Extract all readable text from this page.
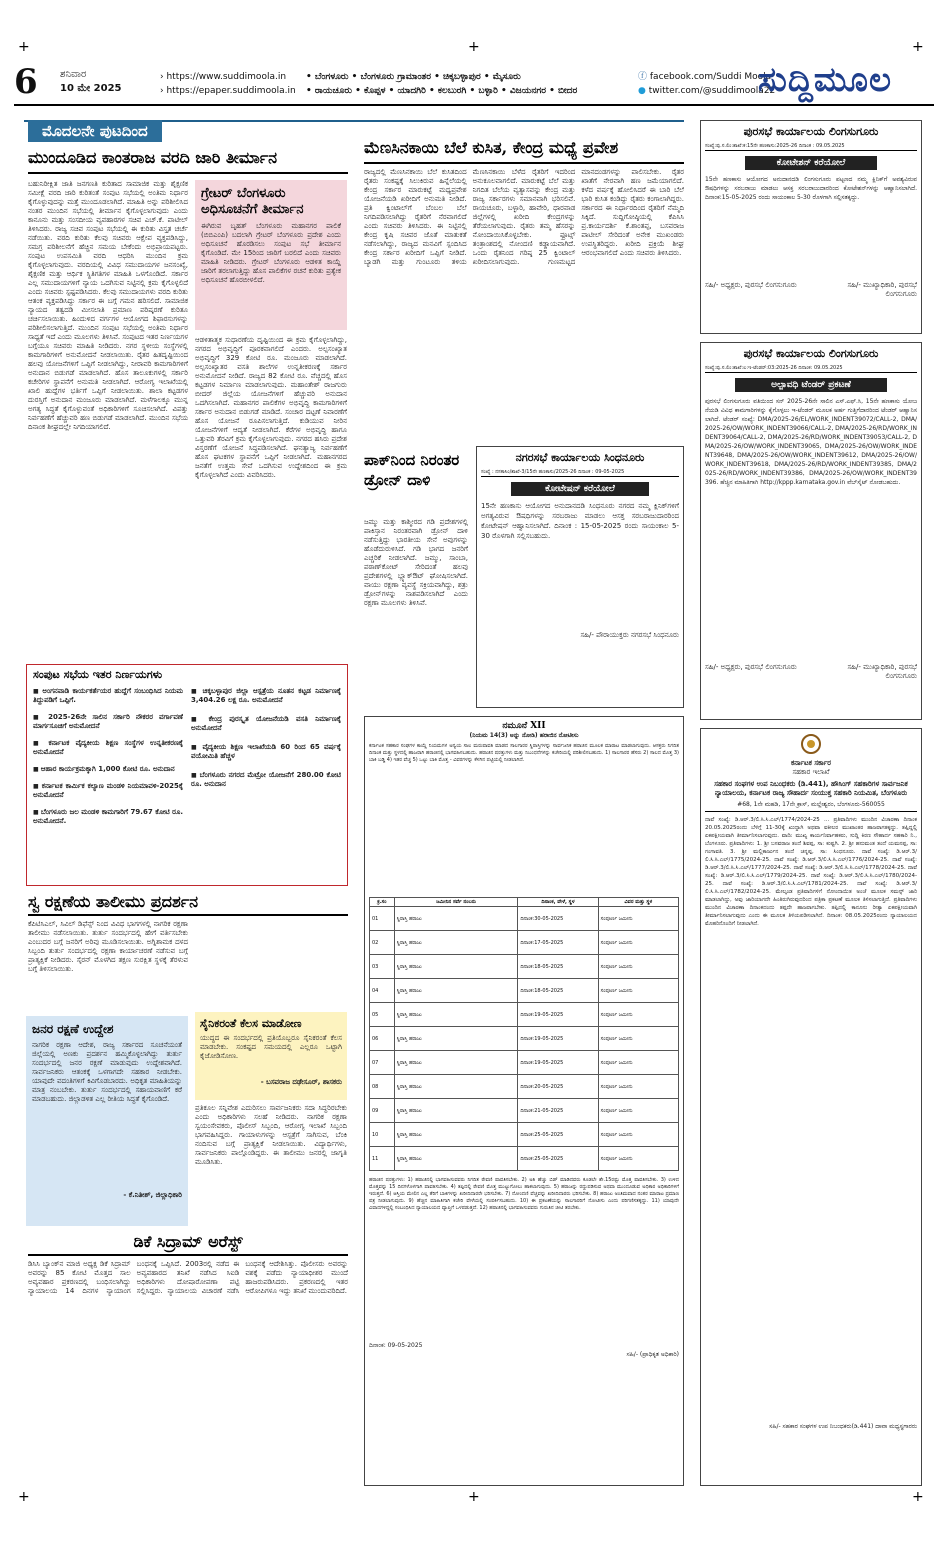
+	+	+
+	+	+
6 ಶನಿವಾರ
10 ಮೇ 2025
› https://www.suddimoola.in
› https://epaper.suddimoola.in
• ಬೆಂಗಳೂರು • ಬೆಂಗಳೂರು ಗ್ರಾಮಾಂತರ • ಚಿಕ್ಕಬಳ್ಳಾಪುರ • ಮೈಸೂರು
• ರಾಯಚೂರು • ಕೊಪ್ಪಳ • ಯಾದಗಿರಿ • ಕಲಬುರಗಿ • ಬಳ್ಳಾರಿ • ವಿಜಯನಗರ • ಬೀದರ
ⓕ facebook.com/Suddi Moola
● twitter.com/@suddimoola22
ಸುದ್ದಿಮೂಲ
ಮೊದಲನೇ ಪುಟದಿಂದ
ಮುಂದೂಡಿದ ಕಾಂತರಾಜ ವರದಿ ಜಾರಿ ತೀರ್ಮಾನ
ಬಹುನಿರೀಕ್ಷಿತ ಜಾತಿ ಜನಗಣತಿ ಕುರಿತಾದ ಸಾಮಾಜಿಕ ಮತ್ತು ಶೈಕ್ಷಣಿಕ ಸಮೀಕ್ಷೆ ವರದಿ ಜಾರಿ ಕುರಿತಂತೆ ಸಂಪುಟ ಸಭೆಯಲ್ಲಿ ಅಂತಿಮ ನಿರ್ಧಾರ ಕೈಗೊಳ್ಳುವುದನ್ನು ಮತ್ತೆ ಮುಂದೂಡಲಾಗಿದೆ. ಮಾಹಿತಿ ಅನ್ನು ಪರಿಶೀಲಿಸಿದ ನಂತರ ಮುಂದಿನ ಸಭೆಯಲ್ಲಿ ತೀರ್ಮಾನ ಕೈಗೊಳ್ಳಲಾಗುವುದು ಎಂದು ಕಾನೂನು ಮತ್ತು ಸಂಸದೀಯ ವ್ಯವಹಾರಗಳ ಸಚಿವ ಎಚ್.ಕೆ. ಪಾಟೀಲ್ ತಿಳಿಸಿದರು. ರಾಜ್ಯ ಸಚಿವ ಸಂಪುಟ ಸಭೆಯಲ್ಲಿ ಈ ಕುರಿತು ವಿಸ್ತೃತ ಚರ್ಚೆ ನಡೆಯಿತು. ವರದಿ ಕುರಿತು ಕೆಲವು ಸಚಿವರು ಆಕ್ಷೇಪ ವ್ಯಕ್ತಪಡಿಸಿದ್ದು, ಸಮಗ್ರ ಪರಿಶೀಲನೆಗೆ ಹೆಚ್ಚಿನ ಸಮಯ ಬೇಕೆಂದು ಅಭಿಪ್ರಾಯಪಟ್ಟರು. ಸಂಪುಟ ಉಪಸಮಿತಿ ವರದಿ ಆಧರಿಸಿ ಮುಂದಿನ ಕ್ರಮ ಕೈಗೊಳ್ಳಲಾಗುವುದು. ವರದಿಯಲ್ಲಿ ವಿವಿಧ ಸಮುದಾಯಗಳ ಜನಸಂಖ್ಯೆ, ಶೈಕ್ಷಣಿಕ ಮತ್ತು ಆರ್ಥಿಕ ಸ್ಥಿತಿಗತಿಗಳ ಮಾಹಿತಿ ಒಳಗೊಂಡಿದೆ. ಸರ್ಕಾರ ಎಲ್ಲ ಸಮುದಾಯಗಳಿಗೆ ನ್ಯಾಯ ಒದಗಿಸುವ ನಿಟ್ಟಿನಲ್ಲಿ ಕ್ರಮ ಕೈಗೊಳ್ಳಲಿದೆ ಎಂದು ಸಚಿವರು ಸ್ಪಷ್ಟಪಡಿಸಿದರು. ಕೆಲವು ಸಮುದಾಯಗಳು ವರದಿ ಕುರಿತು ಆತಂಕ ವ್ಯಕ್ತಪಡಿಸಿದ್ದು ಸರ್ಕಾರ ಈ ಬಗ್ಗೆ ಗಮನ ಹರಿಸಲಿದೆ. ಸಾಮಾಜಿಕ ನ್ಯಾಯದ ತತ್ವದಡಿ ಮೀಸಲಾತಿ ಪ್ರಮಾಣ ಪರಿಷ್ಕರಣೆ ಕುರಿತೂ ಚರ್ಚಿಸಲಾಯಿತು. ಹಿಂದುಳಿದ ವರ್ಗಗಳ ಆಯೋಗದ ಶಿಫಾರಸುಗಳನ್ನು ಪರಿಶೀಲಿಸಲಾಗುತ್ತಿದೆ. ಮುಂದಿನ ಸಂಪುಟ ಸಭೆಯಲ್ಲಿ ಅಂತಿಮ ನಿರ್ಧಾರ ಸಾಧ್ಯತೆ ಇದೆ ಎಂದು ಮೂಲಗಳು ತಿಳಿಸಿವೆ. ಸಂಪುಟದ ಇತರ ನಿರ್ಣಯಗಳ ಬಗ್ಗೆಯೂ ಸಚಿವರು ಮಾಹಿತಿ ನೀಡಿದರು. ನಗರ ಸ್ಥಳೀಯ ಸಂಸ್ಥೆಗಳಲ್ಲಿ ಕಾಮಗಾರಿಗಳಿಗೆ ಅನುಮೋದನೆ ನೀಡಲಾಯಿತು. ರೈತರ ಹಿತದೃಷ್ಟಿಯಿಂದ ಹಲವು ಯೋಜನೆಗಳಿಗೆ ಒಪ್ಪಿಗೆ ನೀಡಲಾಗಿದ್ದು, ನೀರಾವರಿ ಕಾಮಗಾರಿಗಳಿಗೆ ಅನುದಾನ ಬಿಡುಗಡೆ ಮಾಡಲಾಗಿದೆ. ಹೊಸ ತಾಲೂಕುಗಳಲ್ಲಿ ಸರ್ಕಾರಿ ಕಚೇರಿಗಳ ಸ್ಥಾಪನೆಗೆ ಅನುಮತಿ ನೀಡಲಾಗಿದೆ. ಆರೋಗ್ಯ ಇಲಾಖೆಯಲ್ಲಿ ಖಾಲಿ ಹುದ್ದೆಗಳ ಭರ್ತಿಗೆ ಒಪ್ಪಿಗೆ ನೀಡಲಾಯಿತು. ಶಾಲಾ ಕಟ್ಟಡಗಳ ದುರಸ್ತಿಗೆ ಅನುದಾನ ಮಂಜೂರು ಮಾಡಲಾಗಿದೆ. ಮಳೆಗಾಲಕ್ಕೂ ಮುನ್ನ ಅಗತ್ಯ ಸಿದ್ಧತೆ ಕೈಗೊಳ್ಳುವಂತೆ ಅಧಿಕಾರಿಗಳಿಗೆ ಸೂಚಿಸಲಾಗಿದೆ. ವಿಪತ್ತು ನಿರ್ವಹಣೆಗೆ ಹೆಚ್ಚುವರಿ ಹಣ ಬಿಡುಗಡೆ ಮಾಡಲಾಗಿದೆ. ಮುಂದಿನ ಸಭೆಯ ದಿನಾಂಕ ಶೀಘ್ರದಲ್ಲೇ ನಿಗದಿಯಾಗಲಿದೆ.
ಗ್ರೇಟರ್ ಬೆಂಗಳೂರು ಅಧಿಸೂಚನೆಗೆ ತೀರ್ಮಾನ
ಈಗಿರುವ ಬೃಹತ್ ಬೆಂಗಳೂರು ಮಹಾನಗರ ಪಾಲಿಕೆ (ಬಿಬಿಎಂಪಿ) ಬದಲಾಗಿ ಗ್ರೇಟರ್ ಬೆಂಗಳೂರು ಪ್ರದೇಶ ಎಂದು ಅಧಿಸೂಚನೆ ಹೊರಡಿಸಲು ಸಂಪುಟ ಸಭೆ ತೀರ್ಮಾನ ಕೈಗೊಂಡಿದೆ. ಮೇ 15ರಿಂದ ಜಾರಿಗೆ ಬರಲಿದೆ ಎಂದು ಸಚಿವರು ಮಾಹಿತಿ ನೀಡಿದರು. ಗ್ರೇಟರ್ ಬೆಂಗಳೂರು ಆಡಳಿತ ಕಾಯ್ದೆ ಜಾರಿಗೆ ತರಲಾಗುತ್ತಿದ್ದು ಹೊಸ ಪಾಲಿಕೆಗಳ ರಚನೆ ಕುರಿತು ಪ್ರತ್ಯೇಕ ಅಧಿಸೂಚನೆ ಹೊರಬೀಳಲಿದೆ.
ಆಡಳಿತಾತ್ಮಕ ಸುಧಾರಣೆಯ ದೃಷ್ಟಿಯಿಂದ ಈ ಕ್ರಮ ಕೈಗೊಳ್ಳಲಾಗಿದ್ದು, ನಗರದ ಅಭಿವೃದ್ಧಿಗೆ ಪೂರಕವಾಗಲಿದೆ ಎಂದರು. ಅಲ್ಪಸಂಖ್ಯಾತ ಅಭಿವೃದ್ಧಿಗೆ 329 ಕೋಟಿ ರೂ. ಮಂಜೂರು ಮಾಡಲಾಗಿದೆ. ಅಲ್ಪಸಂಖ್ಯಾತರ ವಸತಿ ಶಾಲೆಗಳ ಉನ್ನತೀಕರಣಕ್ಕೆ ಸರ್ಕಾರ ಅನುಮೋದನೆ ನೀಡಿದೆ. ರಾಜ್ಯದ 82 ಕೋಟಿ ರೂ. ವೆಚ್ಚದಲ್ಲಿ ಹೊಸ ಕಟ್ಟಡಗಳ ನಿರ್ಮಾಣ ಮಾಡಲಾಗುವುದು. ಮಹಾಂತೇಶ್ ರಾಜಗುರು ಬೀದರ್ ಜಿಲ್ಲೆಯ ಯೋಜನೆಗಳಿಗೆ ಹೆಚ್ಚುವರಿ ಅನುದಾನ ಒದಗಿಸಲಾಗಿದೆ. ಮಹಾನಗರ ಪಾಲಿಕೆಗಳ ಅಭಿವೃದ್ಧಿ ಕಾಮಗಾರಿಗಳಿಗೆ ಸರ್ಕಾರ ಅನುದಾನ ಬಿಡುಗಡೆ ಮಾಡಿದೆ. ಸಂಚಾರ ದಟ್ಟಣೆ ನಿವಾರಣೆಗೆ ಹೊಸ ಯೋಜನೆ ರೂಪಿಸಲಾಗುತ್ತಿದೆ. ಕುಡಿಯುವ ನೀರಿನ ಯೋಜನೆಗಳಿಗೆ ಆದ್ಯತೆ ನೀಡಲಾಗಿದೆ. ಕೆರೆಗಳ ಅಭಿವೃದ್ಧಿ ಹಾಗೂ ಒತ್ತುವರಿ ತೆರವಿಗೆ ಕ್ರಮ ಕೈಗೊಳ್ಳಲಾಗುವುದು. ನಗರದ ಹಸಿರು ಪ್ರದೇಶ ವಿಸ್ತರಣೆಗೆ ಯೋಜನೆ ಸಿದ್ಧಪಡಿಸಲಾಗಿದೆ. ಘನತ್ಯಾಜ್ಯ ನಿರ್ವಹಣೆಗೆ ಹೊಸ ಘಟಕಗಳ ಸ್ಥಾಪನೆಗೆ ಒಪ್ಪಿಗೆ ನೀಡಲಾಗಿದೆ. ಮಹಾನಗರದ ಜನತೆಗೆ ಉತ್ತಮ ಸೇವೆ ಒದಗಿಸುವ ಉದ್ದೇಶದಿಂದ ಈ ಕ್ರಮ ಕೈಗೊಳ್ಳಲಾಗಿದೆ ಎಂದು ವಿವರಿಸಿದರು.
ಸಂಪುಟ ಸಭೆಯ ಇತರ ನಿರ್ಣಯಗಳು
■ ಅಂಗನವಾಡಿ ಕಾರ್ಯಕರ್ತೆಯರ ಹುದ್ದೆಗೆ ಸಂಬಂಧಿಸಿದ ನಿಯಮ ತಿದ್ದುಪಡಿಗೆ ಒಪ್ಪಿಗೆ.
■ 2025-26ನೇ ಸಾಲಿನ ಸರ್ಕಾರಿ ನೌಕರರ ವರ್ಗಾವಣೆ ಮಾರ್ಗಸೂಚಿಗೆ ಅನುಮೋದನೆ
■ ಕರ್ನಾಟಕ ವೈದ್ಯಕೀಯ ಶಿಕ್ಷಣ ಸಂಸ್ಥೆಗಳ ಉನ್ನತೀಕರಣಕ್ಕೆ ಅನುಮೋದನೆ
■ ಆಹಾರ ಕಾರ್ಯಕ್ರಮಕ್ಕಾಗಿ 1,000 ಕೋಟಿ ರೂ. ಅನುದಾನ
■ ಕರ್ನಾಟಕ ಕಾರ್ಮಿಕ ಕಲ್ಯಾಣ ಮಂಡಳಿ ನಿಯಮಾವಳಿ-2025ಕ್ಕೆ ಅನುಮೋದನೆ
■ ಬೆಂಗಳೂರು ಜಲ ಮಂಡಳಿ ಕಾಮಗಾರಿಗೆ 79.67 ಕೋಟಿ ರೂ. ಅನುಮೋದನೆ.
■ ಚಿಕ್ಕಬಳ್ಳಾಪುರ ಜಿಲ್ಲಾ ಆಸ್ಪತ್ರೆಯ ನೂತನ ಕಟ್ಟಡ ನಿರ್ಮಾಣಕ್ಕೆ 3,404.26 ಲಕ್ಷ ರೂ. ಅನುಮೋದನೆ
■ ಕೇಂದ್ರ ಪುರಸ್ಕೃತ ಯೋಜನೆಯಡಿ ವಸತಿ ನಿರ್ಮಾಣಕ್ಕೆ ಅನುಮೋದನೆ
■ ವೈದ್ಯಕೀಯ ಶಿಕ್ಷಣ ಇಲಾಖೆಯಡಿ 60 ರಿಂದ 65 ವರ್ಷಕ್ಕೆ ವಯೋಮಿತಿ ಹೆಚ್ಚಳ
■ ಬೆಂಗಳೂರು ನಗರದ ಮೆಟ್ರೋ ಯೋಜನೆಗೆ 280.00 ಕೋಟಿ ರೂ. ಅನುದಾನ
ಸ್ವ ರಕ್ಷಣೆಯ ತಾಲೀಮು ಪ್ರದರ್ಶನ
ಕೆಪಿಟಿಸಿಎಲ್, ಸಿವಿಲ್ ಡಿಫೆನ್ಸ್ ನಿಂದ ವಿವಿಧ ಭಾಗಗಳಲ್ಲಿ ನಾಗರಿಕ ರಕ್ಷಣಾ ತಾಲೀಮು ನಡೆಸಲಾಯಿತು. ತುರ್ತು ಸಂದರ್ಭದಲ್ಲಿ ಹೇಗೆ ವರ್ತಿಸಬೇಕು ಎಂಬುದರ ಬಗ್ಗೆ ಜನರಿಗೆ ಅರಿವು ಮೂಡಿಸಲಾಯಿತು. ಅಗ್ನಿಶಾಮಕ ದಳದ ಸಿಬ್ಬಂದಿ ತುರ್ತು ಸಂದರ್ಭದಲ್ಲಿ ರಕ್ಷಣಾ ಕಾರ್ಯಾಚರಣೆ ನಡೆಸುವ ಬಗ್ಗೆ ಪ್ರಾತ್ಯಕ್ಷಿಕೆ ನೀಡಿದರು. ಸೈರನ್ ಮೊಳಗಿದ ತಕ್ಷಣ ಸುರಕ್ಷಿತ ಸ್ಥಳಕ್ಕೆ ತೆರಳುವ ಬಗ್ಗೆ ತಿಳಿಸಲಾಯಿತು.
ಜನರ ರಕ್ಷಣೆ ಉದ್ದೇಶ
ನಾಗರಿಕ ರಕ್ಷಣಾ ಆದೇಶ, ರಾಜ್ಯ ಸರ್ಕಾರದ ಸೂಚನೆಯಂತೆ ಜಿಲ್ಲೆಯಲ್ಲಿ ಅಣಕು ಪ್ರದರ್ಶನ ಹಮ್ಮಿಕೊಳ್ಳಲಾಗಿದ್ದು ತುರ್ತು ಸಂದರ್ಭದಲ್ಲಿ ಜನರ ರಕ್ಷಣೆ ಮಾಡುವುದು ಉದ್ದೇಶವಾಗಿದೆ. ಸಾರ್ವಜನಿಕರು ಆತಂಕಕ್ಕೆ ಒಳಗಾಗದೇ ಸಹಕಾರ ನೀಡಬೇಕು. ಯಾವುದೇ ವದಂತಿಗಳಿಗೆ ಕಿವಿಗೊಡಬಾರದು. ಅಧಿಕೃತ ಮಾಹಿತಿಯನ್ನು ಮಾತ್ರ ನಂಬಬೇಕು. ತುರ್ತು ಸಂದರ್ಭದಲ್ಲಿ ಸಹಾಯವಾಣಿಗೆ ಕರೆ ಮಾಡಬಹುದು. ಜಿಲ್ಲಾಡಳಿತ ಎಲ್ಲ ರೀತಿಯ ಸಿದ್ಧತೆ ಕೈಗೊಂಡಿದೆ.
- ಕೆ.ನಿತೀಶ್, ಜಿಲ್ಲಾಧಿಕಾರಿ
ಸೈನಿಕರಂತೆ ಕೆಲಸ ಮಾಡೋಣ
ಯುದ್ಧದ ಈ ಸಂದರ್ಭದಲ್ಲಿ ಪ್ರತಿಯೊಬ್ಬರೂ ಸೈನಿಕರಂತೆ ಕೆಲಸ ಮಾಡಬೇಕು. ಸಂಕಷ್ಟದ ಸಮಯದಲ್ಲಿ ಎಲ್ಲರೂ ಒಟ್ಟಾಗಿ ಕೈಜೋಡಿಸೋಣ.
- ಬಸವರಾಜ ದಢೇಸೂರ್, ಶಾಸಕರು
ಪ್ರತಿಕೂಲ ಸನ್ನಿವೇಶ ಎದುರಿಸಲು ಸಾರ್ವಜನಿಕರು ಸದಾ ಸಿದ್ಧರಿರಬೇಕು ಎಂದು ಅಧಿಕಾರಿಗಳು ಸಲಹೆ ನೀಡಿದರು. ನಾಗರಿಕ ರಕ್ಷಣಾ ಸ್ವಯಂಸೇವಕರು, ಪೊಲೀಸ್ ಸಿಬ್ಬಂದಿ, ಆರೋಗ್ಯ ಇಲಾಖೆ ಸಿಬ್ಬಂದಿ ಭಾಗವಹಿಸಿದ್ದರು. ಗಾಯಾಳುಗಳನ್ನು ಆಸ್ಪತ್ರೆಗೆ ಸಾಗಿಸುವ, ಬೆಂಕಿ ನಂದಿಸುವ ಬಗ್ಗೆ ಪ್ರಾತ್ಯಕ್ಷಿಕೆ ನೀಡಲಾಯಿತು. ವಿದ್ಯಾರ್ಥಿಗಳು, ಸಾರ್ವಜನಿಕರು ಪಾಲ್ಗೊಂಡಿದ್ದರು. ಈ ತಾಲೀಮು ಜನರಲ್ಲಿ ಜಾಗೃತಿ ಮೂಡಿಸಿತು.
ಡಿಕೆ ಸಿದ್ರಾಮ್ ಅರೆಸ್ಟ್
ಡಿಸಿಸಿ ಬ್ಯಾಂಕ್‌ನ ಮಾಜಿ ಅಧ್ಯಕ್ಷ ಡಿಕೆ ಸಿದ್ರಾಮ್ ಅವರನ್ನು 85 ಕೋಟಿ ಮೊತ್ತದ ಸಾಲ ಅವ್ಯವಹಾರ ಪ್ರಕರಣದಲ್ಲಿ ಬಂಧಿಸಲಾಗಿದ್ದು ನ್ಯಾಯಾಲಯ 14 ದಿನಗಳ ನ್ಯಾಯಾಂಗ ಬಂಧನಕ್ಕೆ ಒಪ್ಪಿಸಿದೆ. 2003ರಲ್ಲಿ ನಡೆದ ಈ ಅವ್ಯವಹಾರದ ತನಿಖೆ ನಡೆಸಿದ ಸಿಐಡಿ ಅಧಿಕಾರಿಗಳು ದೋಷಾರೋಪಣಾ ಪಟ್ಟಿ ಸಲ್ಲಿಸಿದ್ದರು. ನ್ಯಾಯಾಲಯ ವಿಚಾರಣೆ ನಡೆಸಿ ಬಂಧನಕ್ಕೆ ಆದೇಶಿಸಿತ್ತು. ಪೊಲೀಸರು ಅವರನ್ನು ವಶಕ್ಕೆ ಪಡೆದು ನ್ಯಾಯಾಧೀಶರ ಮುಂದೆ ಹಾಜರುಪಡಿಸಿದರು. ಪ್ರಕರಣದಲ್ಲಿ ಇತರ ಆರೋಪಿಗಳೂ ಇದ್ದು ತನಿಖೆ ಮುಂದುವರಿದಿದೆ.
ಮೆಣಸಿನಕಾಯಿ ಬೆಲೆ ಕುಸಿತ, ಕೇಂದ್ರ ಮಧ್ಯೆ ಪ್ರವೇಶ
ರಾಜ್ಯದಲ್ಲಿ ಮೆಣಸಿನಕಾಯಿ ಬೆಲೆ ಕುಸಿತದಿಂದ ರೈತರು ಸಂಕಷ್ಟಕ್ಕೆ ಸಿಲುಕಿರುವ ಹಿನ್ನೆಲೆಯಲ್ಲಿ ಕೇಂದ್ರ ಸರ್ಕಾರ ಮಾರುಕಟ್ಟೆ ಮಧ್ಯಪ್ರವೇಶ ಯೋಜನೆಯಡಿ ಖರೀದಿಗೆ ಅನುಮತಿ ನೀಡಿದೆ. ಪ್ರತಿ ಕ್ವಿಂಟಾಲ್‌ಗೆ ಬೆಂಬಲ ಬೆಲೆ ನಿಗದಿಪಡಿಸಲಾಗಿದ್ದು ರೈತರಿಗೆ ನೆರವಾಗಲಿದೆ ಎಂದು ಸಚಿವರು ತಿಳಿಸಿದರು. ಈ ನಿಟ್ಟಿನಲ್ಲಿ ಕೇಂದ್ರ ಕೃಷಿ ಸಚಿವರ ಜೊತೆ ಮಾತುಕತೆ ನಡೆಸಲಾಗಿದ್ದು, ರಾಜ್ಯದ ಮನವಿಗೆ ಸ್ಪಂದಿಸಿದ ಕೇಂದ್ರ ಸರ್ಕಾರ ಖರೀದಿಗೆ ಒಪ್ಪಿಗೆ ನೀಡಿದೆ. ಬ್ಯಾಡಗಿ ಮತ್ತು ಗುಂಟೂರು ತಳಿಯ ಮೆಣಸಿನಕಾಯಿ ಬೆಳೆದ ರೈತರಿಗೆ ಇದರಿಂದ ಅನುಕೂಲವಾಗಲಿದೆ. ಮಾರುಕಟ್ಟೆ ಬೆಲೆ ಮತ್ತು ನಿಗದಿತ ಬೆಲೆಯ ವ್ಯತ್ಯಾಸವನ್ನು ಕೇಂದ್ರ ಮತ್ತು ರಾಜ್ಯ ಸರ್ಕಾರಗಳು ಸಮಾನವಾಗಿ ಭರಿಸಲಿವೆ. ರಾಯಚೂರು, ಬಳ್ಳಾರಿ, ಹಾವೇರಿ, ಧಾರವಾಡ ಜಿಲ್ಲೆಗಳಲ್ಲಿ ಖರೀದಿ ಕೇಂದ್ರಗಳನ್ನು ತೆರೆಯಲಾಗುವುದು. ರೈತರು ತಮ್ಮ ಹೆಸರನ್ನು ನೋಂದಾಯಿಸಿಕೊಳ್ಳಬೇಕು. ಫ್ರೂಟ್ಸ್ ತಂತ್ರಾಂಶದಲ್ಲಿ ನೋಂದಣಿ ಕಡ್ಡಾಯವಾಗಿದೆ. ಒಂದು ರೈತನಿಂದ ಗರಿಷ್ಠ 25 ಕ್ವಿಂಟಾಲ್ ಖರೀದಿಸಲಾಗುವುದು. ಗುಣಮಟ್ಟದ ಮಾನದಂಡಗಳನ್ನು ಪಾಲಿಸಬೇಕು. ರೈತರ ಖಾತೆಗೆ ನೇರವಾಗಿ ಹಣ ಜಮೆಯಾಗಲಿದೆ. ಕಳೆದ ವರ್ಷಕ್ಕೆ ಹೋಲಿಸಿದರೆ ಈ ಬಾರಿ ಬೆಲೆ ಭಾರಿ ಕುಸಿತ ಕಂಡಿದ್ದು ರೈತರು ಕಂಗಾಲಾಗಿದ್ದರು. ಸರ್ಕಾರದ ಈ ನಿರ್ಧಾರದಿಂದ ರೈತರಿಗೆ ನೆಮ್ಮದಿ ಸಿಕ್ಕಿದೆ. ಸುದ್ದಿಗೋಷ್ಠಿಯಲ್ಲಿ ಕೆಪಿಸಿಸಿ ಪ್ರ.ಕಾರ್ಯದರ್ಶಿ ಕೆ.ಶಾಂತಪ್ಪ, ಬಸವರಾಜ ಪಾಟೀಲ್ ಸೇರಿದಂತೆ ಅನೇಕ ಮುಖಂಡರು ಉಪಸ್ಥಿತರಿದ್ದರು. ಖರೀದಿ ಪ್ರಕ್ರಿಯೆ ಶೀಘ್ರ ಆರಂಭವಾಗಲಿದೆ ಎಂದು ಸಚಿವರು ತಿಳಿಸಿದರು.
ಪಾಕ್‌ನಿಂದ ನಿರಂತರ ಡ್ರೋನ್ ದಾಳಿ
ಜಮ್ಮು ಮತ್ತು ಕಾಶ್ಮೀರದ ಗಡಿ ಪ್ರದೇಶಗಳಲ್ಲಿ ಪಾಕಿಸ್ತಾನ ನಿರಂತರವಾಗಿ ಡ್ರೋನ್ ದಾಳಿ ನಡೆಸುತ್ತಿದ್ದು ಭಾರತೀಯ ಸೇನೆ ಅವುಗಳನ್ನು ಹೊಡೆದುರುಳಿಸಿದೆ. ಗಡಿ ಭಾಗದ ಜನರಿಗೆ ಎಚ್ಚರಿಕೆ ನೀಡಲಾಗಿದೆ. ಜಮ್ಮು, ಸಾಂಬಾ, ಪಠಾಣ್‌ಕೋಟ್ ಸೇರಿದಂತೆ ಹಲವು ಪ್ರದೇಶಗಳಲ್ಲಿ ಬ್ಲ್ಯಾಕ್‌ಔಟ್ ಘೋಷಿಸಲಾಗಿದೆ. ವಾಯು ರಕ್ಷಣಾ ವ್ಯವಸ್ಥೆ ಸಕ್ರಿಯವಾಗಿದ್ದು, ಶತ್ರು ಡ್ರೋನ್‌ಗಳನ್ನು ನಾಶಪಡಿಸಲಾಗಿದೆ ಎಂದು ರಕ್ಷಣಾ ಮೂಲಗಳು ತಿಳಿಸಿವೆ.
ನಗರಸಭೆ ಕಾರ್ಯಾಲಯ ಸಿಂಧನೂರು
ಸಂಖ್ಯೆ : ನಸಕಾಸಿಂ/ಶಾಖೆ-3/15ನೇ ಹಣಕಾಸು/2025-26 ದಿನಾಂಕ : 09-05-2025
ಕೋಟೇಷನ್ ಕರೆಯೋಲೆ
15ನೇ ಹಣಕಾಸು ಆಯೋಗದ ಅನುದಾನದಡಿ ಸಿಂಧನೂರು ನಗರದ ನಮ್ಮ ಕ್ಲಿನಿಕ್‌ಗಳಿಗೆ ಅಗತ್ಯವಿರುವ ಔಷಧಿಗಳನ್ನು ಸರಬರಾಜು ಮಾಡಲು ಆಸಕ್ತ ಸರಬರಾಜುದಾರರಿಂದ ಕೋಟೇಷನ್ ಆಹ್ವಾನಿಸಲಾಗಿದೆ. ದಿನಾಂಕ : 15-05-2025 ರಂದು ಸಾಯಂಕಾಲ 5-30 ರೊಳಗಾಗಿ ಸಲ್ಲಿಸಬಹುದು.
ಸಹಿ/- ಪೌರಾಯುಕ್ತರು ನಗರಸಭೆ ಸಿಂಧನೂರು
ನಮೂನೆ XII
(ನಿಯಮ 14(3) ಅನ್ನು ನೋಡಿ) ಹರಾಜಿನ ನೋಟೀಸು
ಕರ್ನಾಟಕ ಸಹಕಾರ ಸಂಘಗಳ ಕಾಯ್ದೆ ನಿಯಮಗಳ ಅನ್ವಯ ಸಾಲ ಮರುಪಾವತಿ ಮಾಡದ ಸಾಲಗಾರರ ಸ್ಥಿರಾಸ್ತಿಗಳನ್ನು ಸಾರ್ವಜನಿಕ ಹರಾಜಿನ ಮೂಲಕ ಮಾರಾಟ ಮಾಡಲಾಗುವುದು. ಆಸಕ್ತರು ನಿಗದಿತ ದಿನಾಂಕ ಮತ್ತು ಸ್ಥಳದಲ್ಲಿ ಹಾಜರಾಗಿ ಹರಾಜಿನಲ್ಲಿ ಭಾಗವಹಿಸಬಹುದು. ಹರಾಜಿನ ಷರತ್ತುಗಳು ಮತ್ತು ನಿಬಂಧನೆಗಳನ್ನು ಕಚೇರಿಯಲ್ಲಿ ಪರಿಶೀಲಿಸಬಹುದು. 1) ಸಾಲಗಾರರ ಹೆಸರು 2) ಸಾಲದ ಮೊತ್ತ 3) ಬಾಕಿ ಬಡ್ಡಿ 4) ಇತರ ವೆಚ್ಚ 5) ಒಟ್ಟು ಬಾಕಿ ಮೊತ್ತ - ವಿವರಗಳನ್ನು ಕೆಳಗಿನ ಪಟ್ಟಿಯಲ್ಲಿ ನೀಡಲಾಗಿದೆ.
ಕ್ರ.ಸಂ	ಜಮೀನಿನ ಸರ್ವೆ ನಂಬರು	ದಿನಾಂಕ, ವೇಳೆ, ಸ್ಥಳ	ವಿವರ ಮತ್ತು ಸ್ಥಳ
01	ಸ್ಥಿರಾಸ್ತಿ ಹರಾಜು	ದಿನಾಂಕ:30-05-2025	ಸಂಪೂರ್ಣ ಜಮೀನು
02	ಸ್ಥಿರಾಸ್ತಿ ಹರಾಜು	ದಿನಾಂಕ:17-05-2025	ಸಂಪೂರ್ಣ ಜಮೀನು
03	ಸ್ಥಿರಾಸ್ತಿ ಹರಾಜು	ದಿನಾಂಕ:18-05-2025	ಸಂಪೂರ್ಣ ಜಮೀನು
04	ಸ್ಥಿರಾಸ್ತಿ ಹರಾಜು	ದಿನಾಂಕ:18-05-2025	ಸಂಪೂರ್ಣ ಜಮೀನು
05	ಸ್ಥಿರಾಸ್ತಿ ಹರಾಜು	ದಿನಾಂಕ:19-05-2025	ಸಂಪೂರ್ಣ ಜಮೀನು
06	ಸ್ಥಿರಾಸ್ತಿ ಹರಾಜು	ದಿನಾಂಕ:19-05-2025	ಸಂಪೂರ್ಣ ಜಮೀನು
07	ಸ್ಥಿರಾಸ್ತಿ ಹರಾಜು	ದಿನಾಂಕ:19-05-2025	ಸಂಪೂರ್ಣ ಜಮೀನು
08	ಸ್ಥಿರಾಸ್ತಿ ಹರಾಜು	ದಿನಾಂಕ:20-05-2025	ಸಂಪೂರ್ಣ ಜಮೀನು
09	ಸ್ಥಿರಾಸ್ತಿ ಹರಾಜು	ದಿನಾಂಕ:21-05-2025	ಸಂಪೂರ್ಣ ಜಮೀನು
10	ಸ್ಥಿರಾಸ್ತಿ ಹರಾಜು	ದಿನಾಂಕ:25-05-2025	ಸಂಪೂರ್ಣ ಜಮೀನು
11	ಸ್ಥಿರಾಸ್ತಿ ಹರಾಜು	ದಿನಾಂಕ:25-05-2025	ಸಂಪೂರ್ಣ ಜಮೀನು
ಹರಾಜಿನ ಷರತ್ತುಗಳು: 1) ಹರಾಜಿನಲ್ಲಿ ಭಾಗವಹಿಸುವವರು ನಿಗದಿತ ಠೇವಣಿ ಪಾವತಿಸಬೇಕು. 2) ಅತಿ ಹೆಚ್ಚು ಬಿಡ್ ಮಾಡಿದವರು ಕೂಡಲೇ ಶೇ.15ರಷ್ಟು ಮೊತ್ತ ಪಾವತಿಸಬೇಕು. 3) ಉಳಿದ ಮೊತ್ತವನ್ನು 15 ದಿನಗಳೊಳಗಾಗಿ ಪಾವತಿಸಬೇಕು. 4) ತಪ್ಪಿದಲ್ಲಿ ಠೇವಣಿ ಮೊತ್ತ ಮುಟ್ಟುಗೋಲು ಹಾಕಲಾಗುವುದು. 5) ಹರಾಜನ್ನು ರದ್ದುಪಡಿಸುವ ಅಥವಾ ಮುಂದೂಡುವ ಅಧಿಕಾರ ಅಧಿಕಾರಿಗಳಿಗೆ ಇರುತ್ತದೆ. 6) ಆಸ್ತಿಯ ಮೇಲಿನ ಎಲ್ಲ ತೆರಿಗೆ ಬಾಕಿಗಳನ್ನು ಖರೀದಿದಾರರೇ ಭರಿಸಬೇಕು. 7) ನೋಂದಣಿ ವೆಚ್ಚವನ್ನು ಖರೀದಿದಾರರು ಭರಿಸಬೇಕು. 8) ಹರಾಜು ಅಂತಿಮವಾದ ನಂತರ ಮಾರಾಟ ಪ್ರಮಾಣ ಪತ್ರ ನೀಡಲಾಗುವುದು. 9) ಹೆಚ್ಚಿನ ಮಾಹಿತಿಗಾಗಿ ಕಚೇರಿ ವೇಳೆಯಲ್ಲಿ ಸಂಪರ್ಕಿಸಬಹುದು. 10) ಈ ಪ್ರಕಟಣೆಯನ್ನು ಸಾಲಗಾರರಿಗೆ ನೋಟೀಸು ಎಂದು ಪರಿಗಣಿಸತಕ್ಕದ್ದು. 11) ಯಾವುದೇ ವಿವಾದಗಳಿದ್ದಲ್ಲಿ ಸಂಬಂಧಿಸಿದ ನ್ಯಾಯಾಲಯದ ವ್ಯಾಪ್ತಿಗೆ ಒಳಪಡುತ್ತದೆ. 12) ಹರಾಜಿನಲ್ಲಿ ಭಾಗವಹಿಸುವವರು ಗುರುತಿನ ಚೀಟಿ ತರಬೇಕು.
ದಿನಾಂಕ: 09-05-2025
ಸಹಿ/- (ಪ್ರಾಧಿಕೃತ ಅಧಿಕಾರಿ)
ಪುರಸಭೆ ಕಾರ್ಯಾಲಯ ಲಿಂಗಸುಗೂರು
ಸಂಖ್ಯೆ:ಪು.ಸ.ಲಿಂ:ಶಾಖೆ:ಕ:15ನೇ ಹಣಕಾಸು:2025-26 ದಿನಾಂಕ : 09.05.2025
ಕೋಟೇಶನ್ ಕರೆಯೋಲೆ
15ನೇ ಹಣಕಾಸು ಆಯೋಗದ ಅನುದಾನದಡಿ ಲಿಂಗಸುಗೂರು ಪಟ್ಟಣದ ನಮ್ಮ ಕ್ಲಿನಿಕ್‌ಗೆ ಅವಶ್ಯವಿರುವ ಔಷಧಿಗಳನ್ನು ಸರಬರಾಜು ಮಾಡಲು ಆಸಕ್ತ ಸರಬರಾಜುದಾರರಿಂದ ಕೋಟೇಶನ್‌ಗಳನ್ನು ಆಹ್ವಾನಿಸಲಾಗಿದೆ. ದಿನಾಂಕ:15-05-2025 ರಂದು ಸಾಯಂಕಾಲ 5-30 ರೊಳಗಾಗಿ ಸಲ್ಲಿಸತಕ್ಕದ್ದು.
ಸಹಿ/- ಅಧ್ಯಕ್ಷರು, ಪುರಸಭೆ ಲಿಂಗಸುಗೂರು	ಸಹಿ/- ಮುಖ್ಯಾಧಿಕಾರಿ, ಪುರಸಭೆ ಲಿಂಗಸುಗೂರು
ಪುರಸಭೆ ಕಾರ್ಯಾಲಯ ಲಿಂಗಸುಗೂರು
ಸಂಖ್ಯೆ:ಪು.ಸ.ಲಿಂ:ಶಾಖೆ:ಲ:ಇ-ಟೆಂಡರ್:03:2025-26 ದಿನಾಂಕ: 09.05.2025
ಅಲ್ಪಾವಧಿ ಟೆಂಡರ್ ಪ್ರಕಟಣೆ
ಪುರಸಭೆ ಲಿಂಗಸುಗೂರು ವತಿಯಿಂದ ಸನ್ 2025-26ನೇ ಸಾಲಿನ ಎಸ್.ಎಫ್.ಸಿ, 15ನೇ ಹಣಕಾಸು ಯೋಜನೆಯಡಿ ವಿವಿಧ ಕಾಮಗಾರಿಗಳನ್ನು ಕೈಗೊಳ್ಳಲು ಇ-ಟೆಂಡರ್ ಮೂಲಕ ಅರ್ಹ ಗುತ್ತಿಗೆದಾರರಿಂದ ಟೆಂಡರ್ ಆಹ್ವಾನಿಸಲಾಗಿದೆ. ಟೆಂಡರ್ ಸಂಖ್ಯೆ: DMA/2025-26/EL/WORK_INDENT39072/CALL-2, DMA/2025-26/OW/WORK_INDENT39066/CALL-2, DMA/2025-26/RD/WORK_INDENT39064/CALL-2, DMA/2025-26/RD/WORK_INDENT39053/CALL-2, DMA/2025-26/OW/WORK_INDENT39065, DMA/2025-26/OW/WORK_INDENT39648, DMA/2025-26/OW/WORK_INDENT39612, DMA/2025-26/OW/WORK_INDENT39618, DMA/2025-26/RD/WORK_INDENT39385, DMA/2025-26/RD/WORK_INDENT39386, DMA/2025-26/OW/WORK_INDENT39396. ಹೆಚ್ಚಿನ ಮಾಹಿತಿಗಾಗಿ http://kppp.karnataka.gov.in ವೆಬ್‌ಸೈಟ್ ನೋಡಬಹುದು.
ಸಹಿ/- ಅಧ್ಯಕ್ಷರು, ಪುರಸಭೆ ಲಿಂಗಸುಗೂರು	ಸಹಿ/- ಮುಖ್ಯಾಧಿಕಾರಿ, ಪುರಸಭೆ ಲಿಂಗಸುಗೂರು
ಕರ್ನಾಟಕ ಸರ್ಕಾರ
ಸಹಕಾರ ಇಲಾಖೆ
ಸಹಕಾರ ಸಂಘಗಳ ಉಪ ನಿಬಂಧಕರು (ಡಿ.441), ಹೌಸಿಂಗ್ ಸಹಕಾರಿಗಳ ಸಾರ್ವಜನಿಕ ನ್ಯಾಯಾಲಯ, ಕರ್ನಾಟಕ ರಾಜ್ಯ ಸೌಹಾರ್ದ ಸಂಯುಕ್ತ ಸಹಕಾರಿ ನಿಯಮಿತ, ಬೆಂಗಳೂರು
#68, 1ನೇ ಮಹಡಿ, 17ನೇ ಕ್ರಾಸ್, ಮಲ್ಲೇಶ್ವರಂ, ಬೆಂಗಳೂರು-560055
ದಾವೆ ಸಂಖ್ಯೆ: ಡಿ.ಆರ್.3/ಲಿ.ಸಿ.ಸಿ.ಎಲ್/1774/2024-25 ... ಪ್ರತಿವಾದಿಗಳು ಮುಂದಿನ ವಿಚಾರಣಾ ದಿನಾಂಕ 20.05.2025ರಂದು ಬೆಳಿಗ್ಗೆ 11-30ಕ್ಕೆ ಖುದ್ದಾಗಿ ಅಥವಾ ವಕೀಲರ ಮುಖಾಂತರ ಹಾಜರಾಗತಕ್ಕದ್ದು. ತಪ್ಪಿದ್ದಲ್ಲಿ ಏಕಪಕ್ಷೀಯವಾಗಿ ತೀರ್ಮಾನಿಸಲಾಗುವುದು. ವಾದಿ: ಮುಖ್ಯ ಕಾರ್ಯನಿರ್ವಾಹಕರು, ಸುದ್ದಿ ಕಿರಣ ಸೌಹಾರ್ದ ಸಹಕಾರಿ ನಿ., ಬೆಂಗಳೂರು. ಪ್ರತಿವಾದಿಗಳು: 1. ಶ್ರೀ ಬಸವರಾಜ ತಂದೆ ಶಿವಪ್ಪ, ಸಾ: ಕುಷ್ಟಗಿ. 2. ಶ್ರೀ ಹನುಮಂತ ತಂದೆ ಯಮನಪ್ಪ, ಸಾ: ಗಂಗಾವತಿ. 3. ಶ್ರೀ ಮಲ್ಲಿಕಾರ್ಜುನ ತಂದೆ ಚನ್ನಪ್ಪ, ಸಾ: ಸಿಂಧನೂರು. ದಾವೆ ಸಂಖ್ಯೆ: ಡಿ.ಆರ್.3/ಲಿ.ಸಿ.ಸಿ.ಎಲ್/1775/2024-25. ದಾವೆ ಸಂಖ್ಯೆ: ಡಿ.ಆರ್.3/ಲಿ.ಸಿ.ಸಿ.ಎಲ್/1776/2024-25. ದಾವೆ ಸಂಖ್ಯೆ: ಡಿ.ಆರ್.3/ಲಿ.ಸಿ.ಸಿ.ಎಲ್/1777/2024-25. ದಾವೆ ಸಂಖ್ಯೆ: ಡಿ.ಆರ್.3/ಲಿ.ಸಿ.ಸಿ.ಎಲ್/1778/2024-25. ದಾವೆ ಸಂಖ್ಯೆ: ಡಿ.ಆರ್.3/ಲಿ.ಸಿ.ಸಿ.ಎಲ್/1779/2024-25. ದಾವೆ ಸಂಖ್ಯೆ: ಡಿ.ಆರ್.3/ಲಿ.ಸಿ.ಸಿ.ಎಲ್/1780/2024-25. ದಾವೆ ಸಂಖ್ಯೆ: ಡಿ.ಆರ್.3/ಲಿ.ಸಿ.ಸಿ.ಎಲ್/1781/2024-25. ದಾವೆ ಸಂಖ್ಯೆ: ಡಿ.ಆರ್.3/ಲಿ.ಸಿ.ಸಿ.ಎಲ್/1782/2024-25. ಮೇಲ್ಕಂಡ ಪ್ರತಿವಾದಿಗಳಿಗೆ ನೋಂದಾಯಿತ ಅಂಚೆ ಮೂಲಕ ಸಮನ್ಸ್ ಜಾರಿ ಮಾಡಲಾಗಿದ್ದು, ಅವು ಜಾರಿಯಾಗದೇ ಹಿಂತಿರುಗಿರುವುದರಿಂದ ಪತ್ರಿಕಾ ಪ್ರಕಟಣೆ ಮೂಲಕ ತಿಳಿಸಲಾಗುತ್ತಿದೆ. ಪ್ರತಿವಾದಿಗಳು ಮುಂದಿನ ವಿಚಾರಣಾ ದಿನಾಂಕದಂದು ತಪ್ಪದೇ ಹಾಜರಾಗಬೇಕು. ತಪ್ಪಿದಲ್ಲಿ ಕಾನೂನು ರೀತ್ಯಾ ಏಕಪಕ್ಷೀಯವಾಗಿ ತೀರ್ಮಾನಿಸಲಾಗುವುದು ಎಂದು ಈ ಮೂಲಕ ತಿಳಿಯಪಡಿಸಲಾಗಿದೆ. ದಿನಾಂಕ: 08.05.2025ರಂದು ನ್ಯಾಯಾಲಯದ ಮೊಹರಿನೊಂದಿಗೆ ನೀಡಲಾಗಿದೆ.
ಸಹಿ/- ಸಹಕಾರ ಸಂಘಗಳ ಉಪ ನಿಬಂಧಕರು(ಡಿ.441) ದಾವಾ ಮಧ್ಯಸ್ಥಗಾರರು
